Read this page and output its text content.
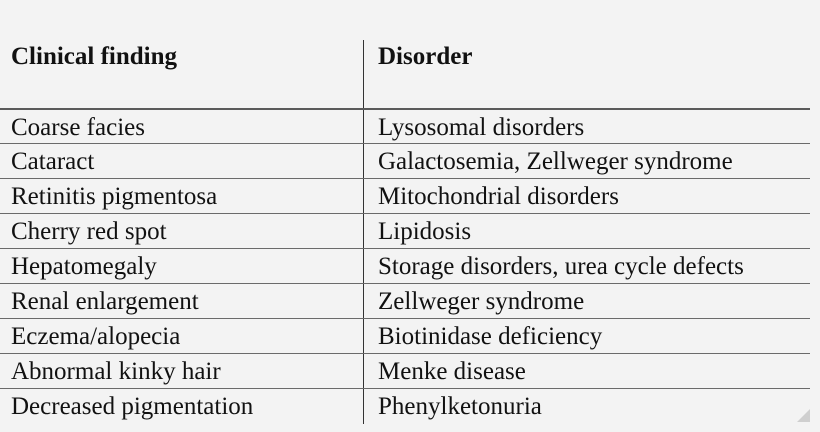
Clinical finding	Disorder
Coarse facies	Lysosomal disorders
Cataract	Galactosemia, Zellweger syndrome
Retinitis pigmentosa	Mitochondrial disorders
Cherry red spot	Lipidosis
Hepatomegaly	Storage disorders, urea cycle defects
Renal enlargement	Zellweger syndrome
Eczema/alopecia	Biotinidase deficiency
Abnormal kinky hair	Menke disease
Decreased pigmentation	Phenylketonuria
